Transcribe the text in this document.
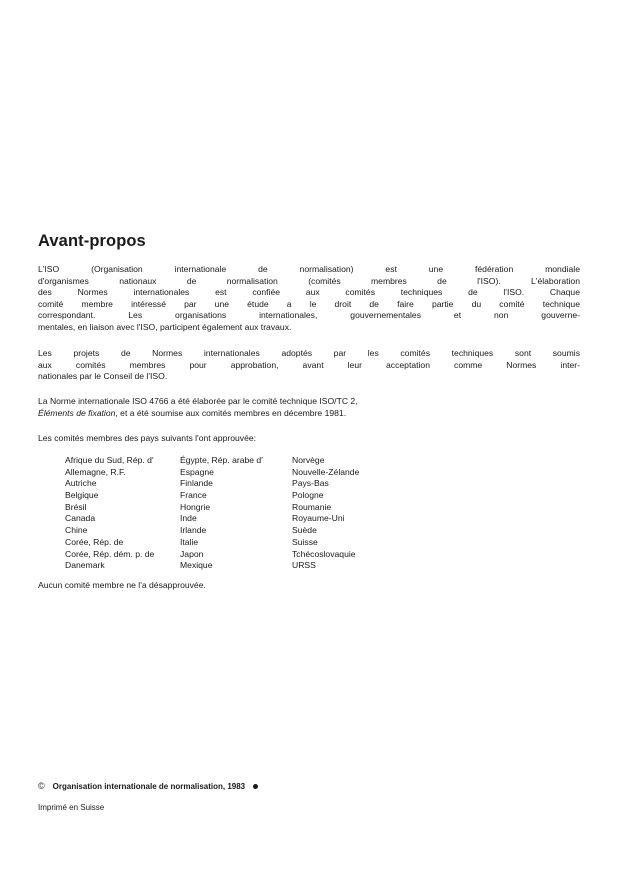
Avant-propos
L'ISO (Organisation internationale de normalisation) est une fédération mondiale
d'organismes nationaux de normalisation (comités membres de l'ISO). L'élaboration
des Normes internationales est confiée aux comités techniques de l'ISO. Chaque
comité membre intéressé par une étude a le droit de faire partie du comité technique
correspondant. Les organisations internationales, gouvernementales et non gouverne-
mentales, en liaison avec l'ISO, participent également aux travaux.
Les projets de Normes internationales adoptés par les comités techniques sont soumis
aux comités membres pour approbation, avant leur acceptation comme Normes inter-
nationales par le Conseil de l'ISO.
La Norme internationale ISO 4766 a été élaborée par le comité technique ISO/TC 2,
Éléments de fixation, et a été soumise aux comités membres en décembre 1981.
Les comités membres des pays suivants l'ont approuvée:
Afrique du Sud, Rép. d'
Allemagne, R.F.
Autriche
Belgique
Brésil
Canada
Chine
Corée, Rép. de
Corée, Rép. dém. p. de
Danemark
Égypte, Rép. arabe d'
Espagne
Finlande
France
Hongrie
Inde
Irlande
Italie
Japon
Mexique
Norvège
Nouvelle-Zélande
Pays-Bas
Pologne
Roumanie
Royaume-Uni
Suède
Suisse
Tchécoslovaquie
URSS
Aucun comité membre ne l'a désapprouvée.
© Organisation internationale de normalisation, 1983
Imprimé en Suisse
